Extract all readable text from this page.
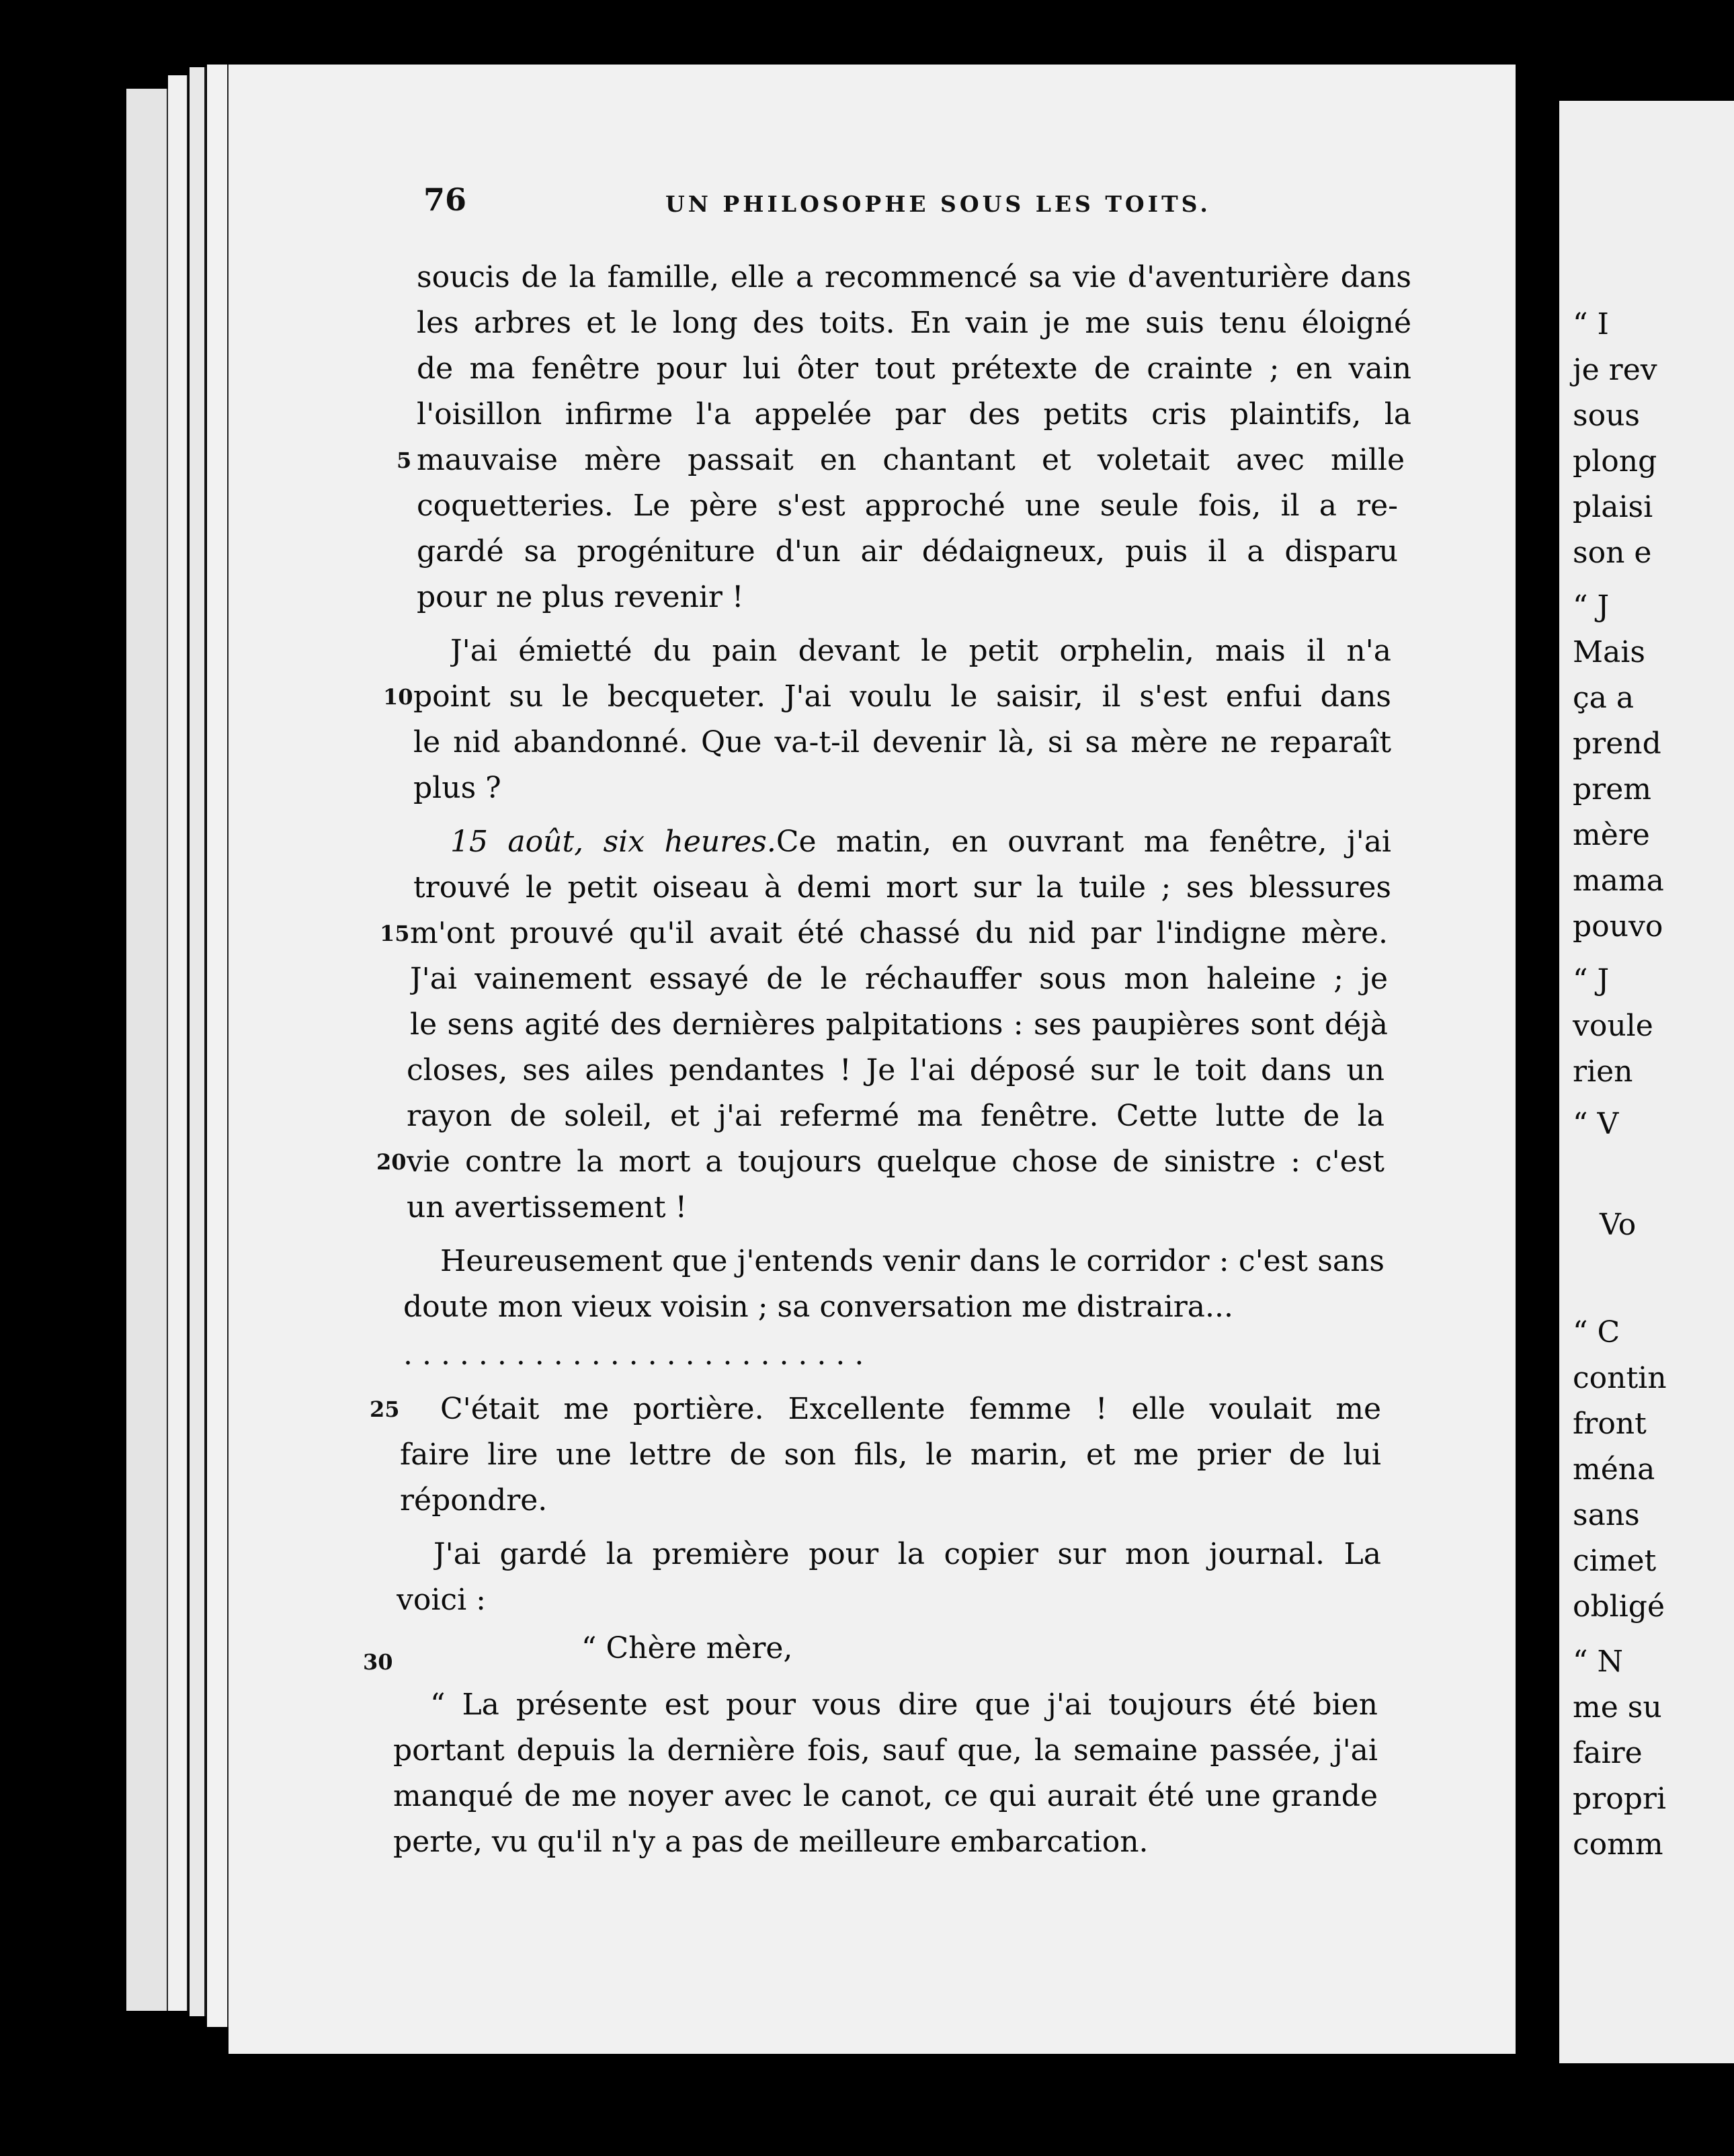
76	UN PHILOSOPHE SOUS LES TOITS.
soucis de la famille, elle a recommencé sa vie d'aventurière dans
les arbres et le long des toits. En vain je me suis tenu éloigné
de ma fenêtre pour lui ôter tout prétexte de crainte ; en vain
l'oisillon infirme l'a appelée par des petits cris plaintifs, la
mauvaise mère passait en chantant et voletait avec mille
coquetteries. Le père s'est approché une seule fois, il a re-
gardé sa progéniture d'un air dédaigneux, puis il a disparu
pour ne plus revenir !
J'ai émietté du pain devant le petit orphelin, mais il n'a
point su le becqueter. J'ai voulu le saisir, il s'est enfui dans
le nid abandonné. Que va-t-il devenir là, si sa mère ne reparaît
plus ?
15 août, six heures.Ce matin, en ouvrant ma fenêtre, j'ai
trouvé le petit oiseau à demi mort sur la tuile ; ses blessures
m'ont prouvé qu'il avait été chassé du nid par l'indigne mère.
J'ai vainement essayé de le réchauffer sous mon haleine ; je
le sens agité des dernières palpitations : ses paupières sont déjà
closes, ses ailes pendantes ! Je l'ai déposé sur le toit dans un
rayon de soleil, et j'ai refermé ma fenêtre. Cette lutte de la
vie contre la mort a toujours quelque chose de sinistre : c'est
un avertissement !
Heureusement que j'entends venir dans le corridor : c'est sans
doute mon vieux voisin ; sa conversation me distraira...
. . . . . . . . . . . . . . . . . . . . . . . . .
C'était me portière. Excellente femme ! elle voulait me
faire lire une lettre de son fils, le marin, et me prier de lui
répondre.
J'ai gardé la première pour la copier sur mon journal. La
voici :
“ Chère mère,
“ La présente est pour vous dire que j'ai toujours été bien
portant depuis la dernière fois, sauf que, la semaine passée, j'ai
manqué de me noyer avec le canot, ce qui aurait été une grande
perte, vu qu'il n'y a pas de meilleure embarcation.
5
10
15
20
25
30
“ I
je rev
sous
plong
plaisi
son e
“ J
Mais
ça a
prend
prem
mère
mama
pouvo
“ J
voule
rien
“ V
Vo
“ C
contin
front
ména
sans
cimet
obligé
“ N
me su
faire
propri
comm
